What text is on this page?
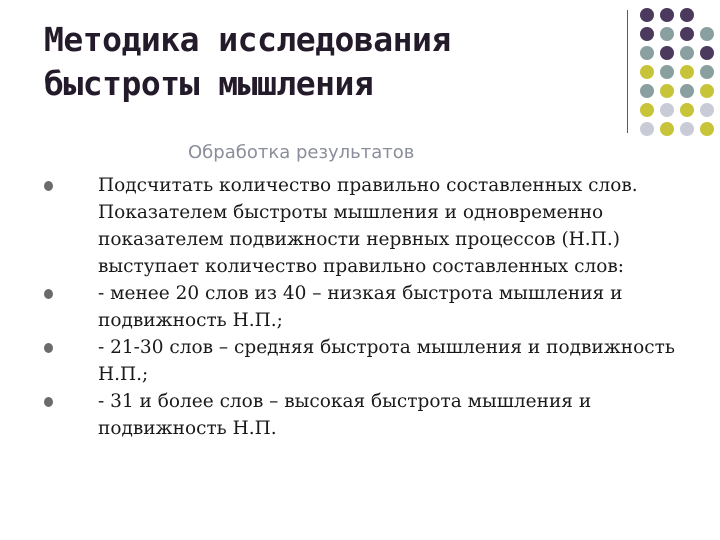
Методика исследования
быстроты мышления
Обработка результатов
Подсчитать количество правильно составленных слов. Показателем быстроты мышления и одновременно показателем подвижности нервных процессов (Н.П.) выступает количество правильно составленных слов:
- менее 20 слов из 40 – низкая быстрота мышления и подвижность Н.П.;
- 21-30 слов – средняя быстрота мышления и подвижность Н.П.;
- 31 и более слов – высокая быстрота мышления и подвижность Н.П.
